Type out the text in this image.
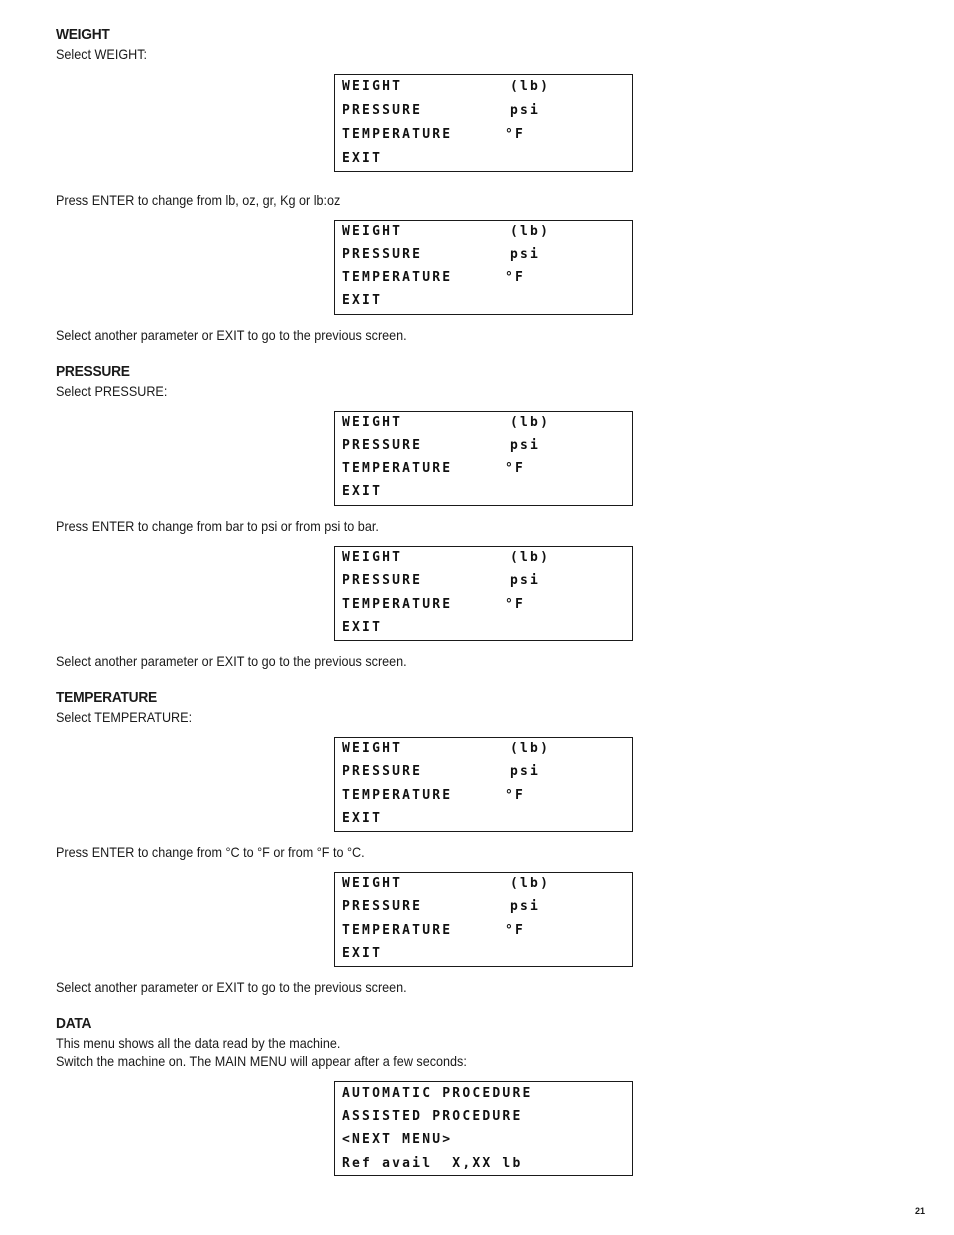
WEIGHT
Select WEIGHT:
WEIGHT	(lb)
PRESSURE	psi
TEMPERATURE	°F
EXIT
Press ENTER to change from lb, oz, gr, Kg or lb:oz
WEIGHT	(lb)
PRESSURE	psi
TEMPERATURE	°F
EXIT
Select another parameter or EXIT to go to the previous screen.
PRESSURE
Select PRESSURE:
WEIGHT	(lb)
PRESSURE	psi
TEMPERATURE	°F
EXIT
Press ENTER to change from bar to psi or from psi to bar.
WEIGHT	(lb)
PRESSURE	psi
TEMPERATURE	°F
EXIT
Select another parameter or EXIT to go to the previous screen.
TEMPERATURE
Select TEMPERATURE:
WEIGHT	(lb)
PRESSURE	psi
TEMPERATURE	°F
EXIT
Press ENTER to change from °C to °F or from °F to °C.
WEIGHT	(lb)
PRESSURE	psi
TEMPERATURE	°F
EXIT
Select another parameter or EXIT to go to the previous screen.
DATA
This menu shows all the data read by the machine.
Switch the machine on. The MAIN MENU will appear after a few seconds:
AUTOMATIC PROCEDURE
ASSISTED PROCEDURE
<NEXT MENU>
Ref avail  X,XX lb
21
